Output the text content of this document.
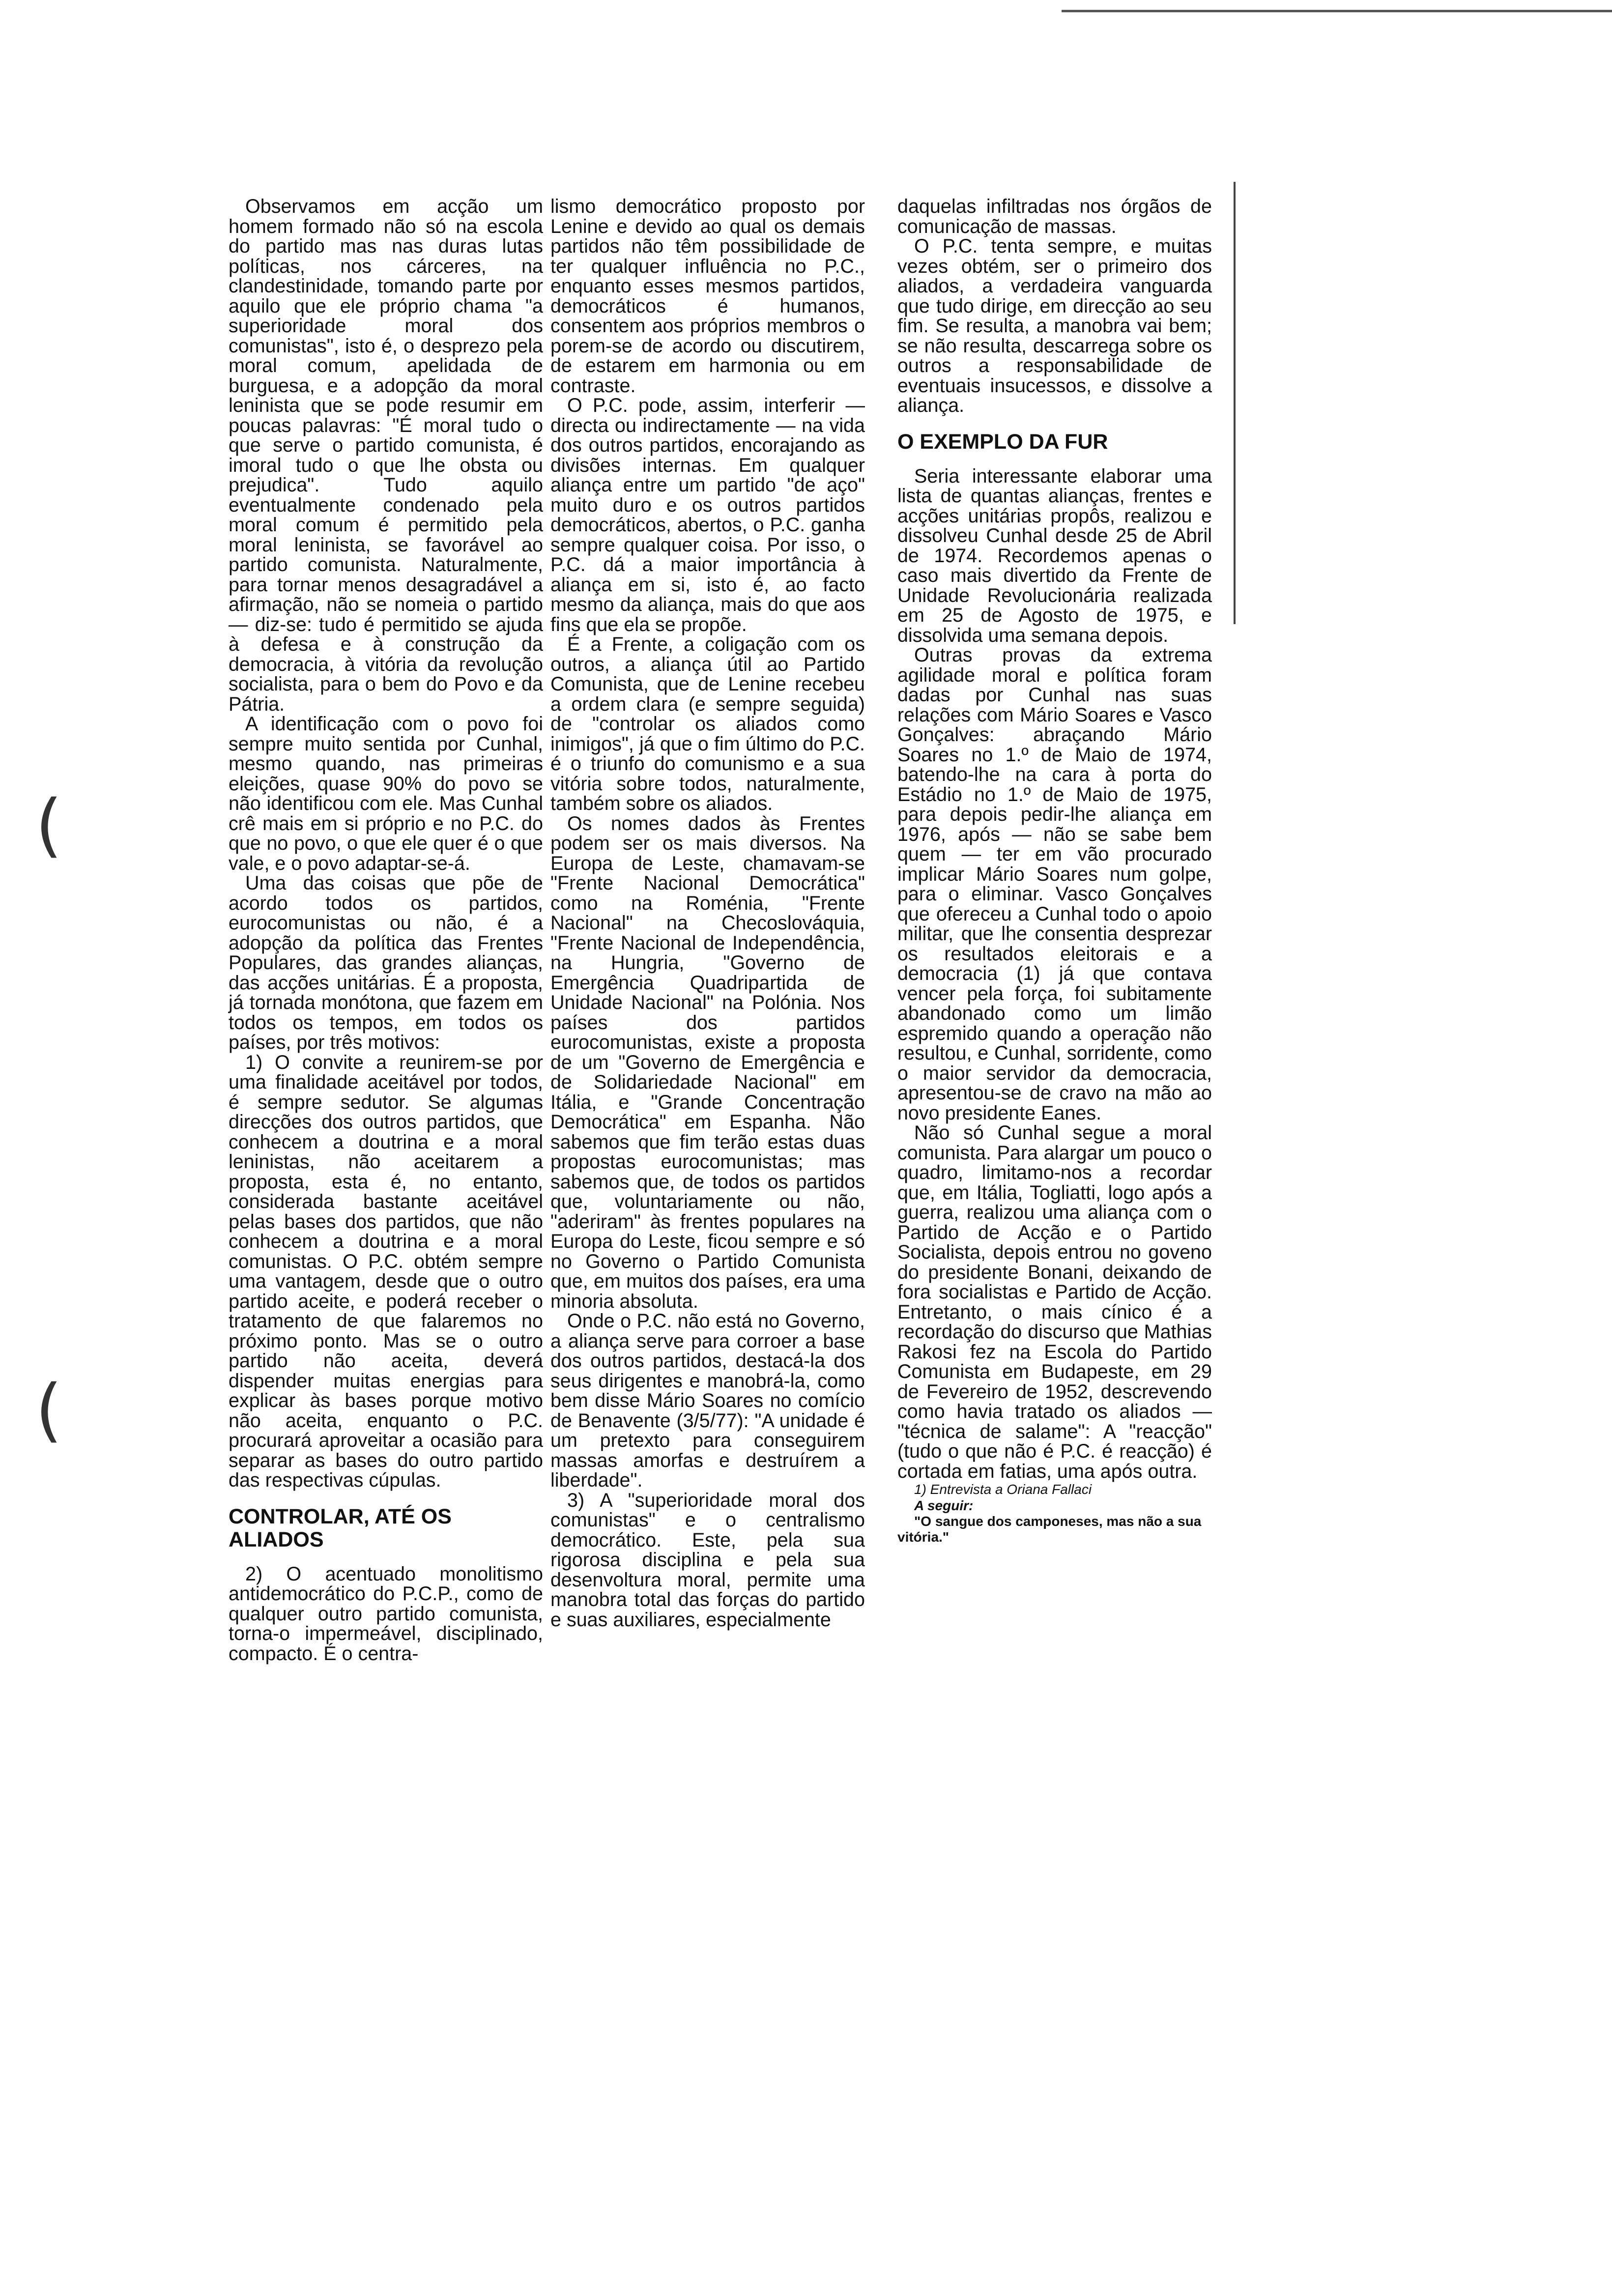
(
(

Observamos em acção um homem formado não só na escola do partido mas nas duras lutas políticas, nos cárceres, na clandestinidade, tomando parte por aquilo que ele próprio chama "a superioridade moral dos comunistas", isto é, o desprezo pela moral comum, apelidada de burguesa, e a adopção da moral leninista que se pode resumir em poucas palavras: "É moral tudo o que serve o partido comunista, é imoral tudo o que lhe obsta ou prejudica". Tudo aquilo eventualmente condenado pela moral comum é permitido pela moral leninista, se favorável ao partido comunista. Naturalmente, para tornar menos desagradável a afirmação, não se nomeia o partido — diz-se: tudo é permitido se ajuda à defesa e à construção da democracia, à vitória da revolução socialista, para o bem do Povo e da Pátria.

A identificação com o povo foi sempre muito sentida por Cunhal, mesmo quando, nas primeiras eleições, quase 90% do povo se não identificou com ele. Mas Cunhal crê mais em si próprio e no P.C. do que no povo, o que ele quer é o que vale, e o povo adaptar-se-á.

Uma das coisas que põe de acordo todos os partidos, eurocomunistas ou não, é a adopção da política das Frentes Populares, das grandes alianças, das acções unitárias. É a proposta, já tornada monótona, que fazem em todos os tempos, em todos os países, por três motivos:

1) O convite a reunirem-se por uma finalidade aceitável por todos, é sempre sedutor. Se algumas direcções dos outros partidos, que conhecem a doutrina e a moral leninistas, não aceitarem a proposta, esta é, no entanto, considerada bastante aceitável pelas bases dos partidos, que não conhecem a doutrina e a moral comunistas. O P.C. obtém sempre uma vantagem, desde que o outro partido aceite, e poderá receber o tratamento de que falaremos no próximo ponto. Mas se o outro partido não aceita, deverá dispender muitas energias para explicar às bases porque motivo não aceita, enquanto o P.C. procurará aproveitar a ocasião para separar as bases do outro partido das respectivas cúpulas.

CONTROLAR, ATÉ OS ALIADOS

2) O acentuado monolitismo antidemocrático do P.C.P., como de qualquer outro partido comunista, torna-o impermeável, disciplinado, compacto. É o centra-

lismo democrático proposto por Lenine e devido ao qual os demais partidos não têm possibilidade de ter qualquer influência no P.C., enquanto esses mesmos partidos, democráticos é humanos, consentem aos próprios membros o porem-se de acordo ou discutirem, de estarem em harmonia ou em contraste.

O P.C. pode, assim, interferir — directa ou indirectamente — na vida dos outros partidos, encorajando as divisões internas. Em qualquer aliança entre um partido "de aço" muito duro e os outros partidos democráticos, abertos, o P.C. ganha sempre qualquer coisa. Por isso, o P.C. dá a maior importância à aliança em si, isto é, ao facto mesmo da aliança, mais do que aos fins que ela se propõe.

É a Frente, a coligação com os outros, a aliança útil ao Partido Comunista, que de Lenine recebeu a ordem clara (e sempre seguida) de "controlar os aliados como inimigos", já que o fim último do P.C. é o triunfo do comunismo e a sua vitória sobre todos, naturalmente, também sobre os aliados.

Os nomes dados às Frentes podem ser os mais diversos. Na Europa de Leste, chamavam-se "Frente Nacional Democrática" como na Roménia, "Frente Nacional" na Checoslováquia, "Frente Nacional de Independência, na Hungria, "Governo de Emergência Quadripartida de Unidade Nacional" na Polónia. Nos países dos partidos eurocomunistas, existe a proposta de um "Governo de Emergência e de Solidariedade Nacional" em Itália, e "Grande Concentração Democrática" em Espanha. Não sabemos que fim terão estas duas propostas eurocomunistas; mas sabemos que, de todos os partidos que, voluntariamente ou não, "aderiram" às frentes populares na Europa do Leste, ficou sempre e só no Governo o Partido Comunista que, em muitos dos países, era uma minoria absoluta.

Onde o P.C. não está no Governo, a aliança serve para corroer a base dos outros partidos, destacá-la dos seus dirigentes e manobrá-la, como bem disse Mário Soares no comício de Benavente (3/5/77): "A unidade é um pretexto para conseguirem massas amorfas e destruírem a liberdade".

3) A "superioridade moral dos comunistas" e o centralismo democrático. Este, pela sua rigorosa disciplina e pela sua desenvoltura moral, permite uma manobra total das forças do partido e suas auxiliares, especialmente

daquelas infiltradas nos órgãos de comunicação de massas.

O P.C. tenta sempre, e muitas vezes obtém, ser o primeiro dos aliados, a verdadeira vanguarda que tudo dirige, em direcção ao seu fim. Se resulta, a manobra vai bem; se não resulta, descarrega sobre os outros a responsabilidade de eventuais insucessos, e dissolve a aliança.

O EXEMPLO DA FUR

Seria interessante elaborar uma lista de quantas alianças, frentes e acções unitárias propôs, realizou e dissolveu Cunhal desde 25 de Abril de 1974. Recordemos apenas o caso mais divertido da Frente de Unidade Revolucionária realizada em 25 de Agosto de 1975, e dissolvida uma semana depois.

Outras provas da extrema agilidade moral e política foram dadas por Cunhal nas suas relações com Mário Soares e Vasco Gonçalves: abraçando Mário Soares no 1.º de Maio de 1974, batendo-lhe na cara à porta do Estádio no 1.º de Maio de 1975, para depois pedir-lhe aliança em 1976, após — não se sabe bem quem — ter em vão procurado implicar Mário Soares num golpe, para o eliminar. Vasco Gonçalves que ofereceu a Cunhal todo o apoio militar, que lhe consentia desprezar os resultados eleitorais e a democracia (1) já que contava vencer pela força, foi subitamente abandonado como um limão espremido quando a operação não resultou, e Cunhal, sorridente, como o maior servidor da democracia, apresentou-se de cravo na mão ao novo presidente Eanes.

Não só Cunhal segue a moral comunista. Para alargar um pouco o quadro, limitamo-nos a recordar que, em Itália, Togliatti, logo após a guerra, realizou uma aliança com o Partido de Acção e o Partido Socialista, depois entrou no goveno do presidente Bonani, deixando de fora socialistas e Partido de Acção. Entretanto, o mais cínico é a recordação do discurso que Mathias Rakosi fez na Escola do Partido Comunista em Budapeste, em 29 de Fevereiro de 1952, descrevendo como havia tratado os aliados — "técnica de salame": A "reacção" (tudo o que não é P.C. é reacção) é cortada em fatias, uma após outra.

1) Entrevista a Oriana Fallaci

A seguir:

"O sangue dos camponeses, mas não a sua vitória."
